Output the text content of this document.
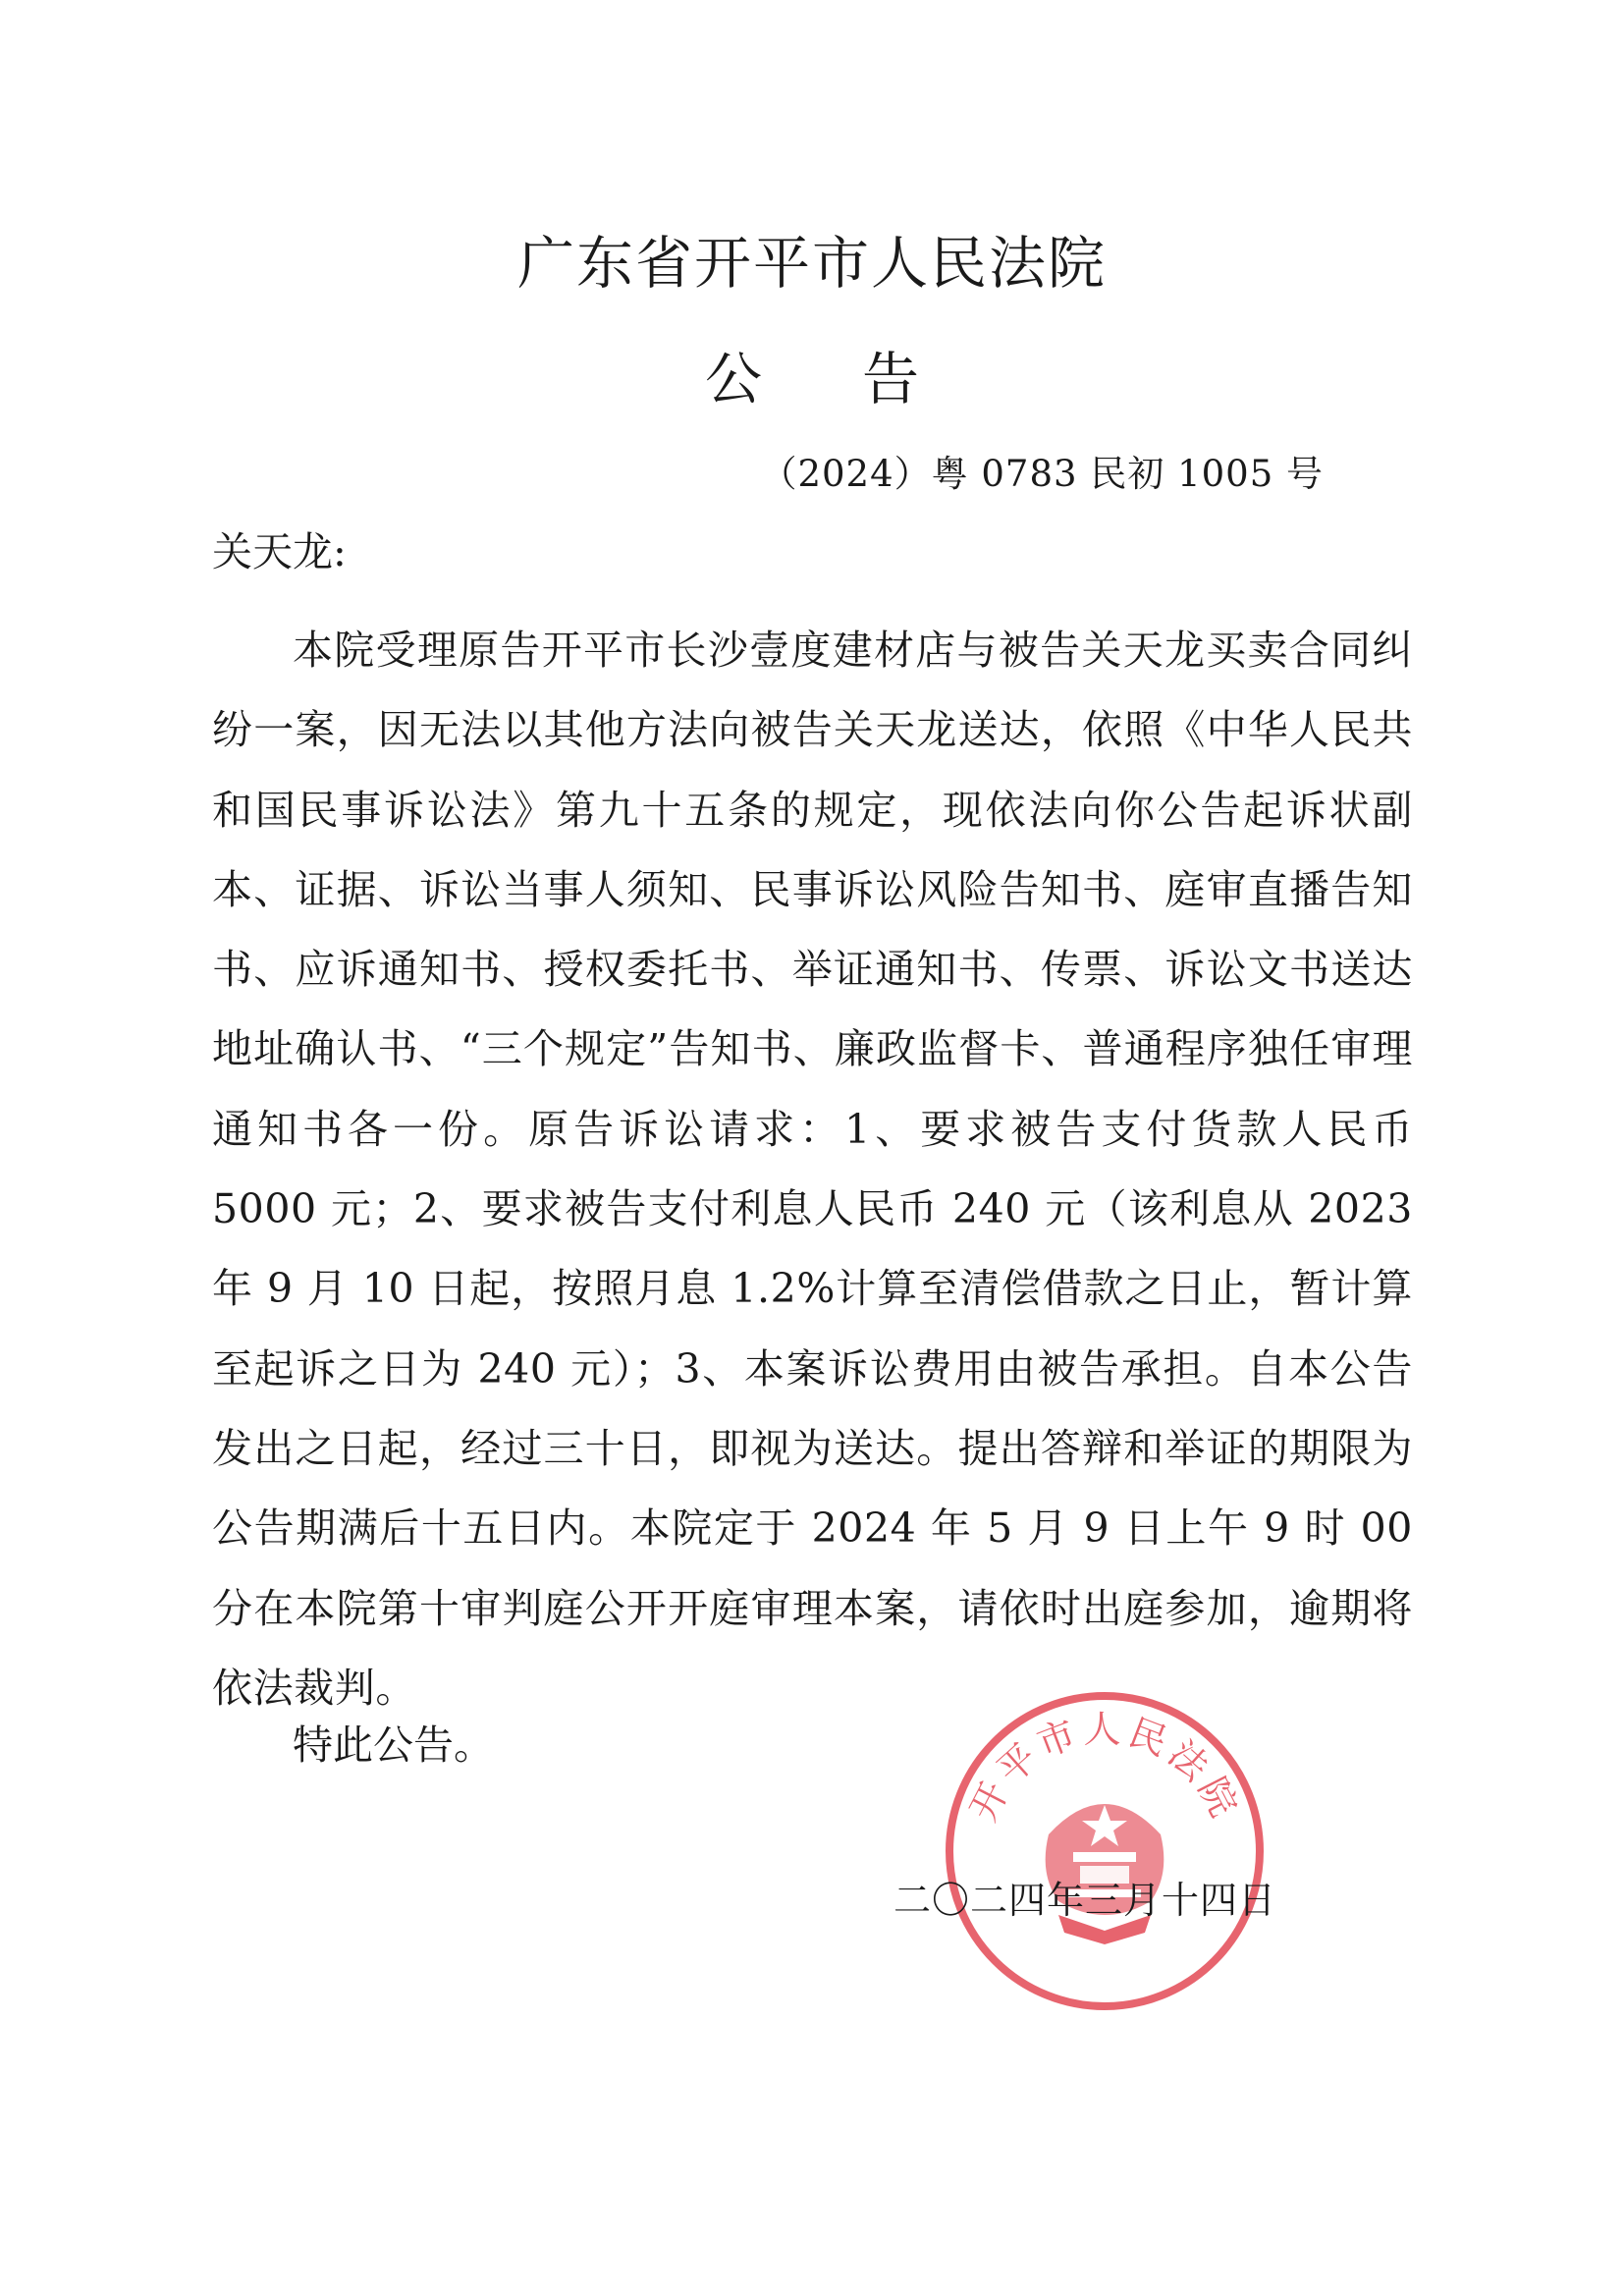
广东省开平市人民法院
公告
（2024）粤 0783 民初 1005 号
关天龙:

本院受理原告开平市长沙壹度建材店与被告关天龙买卖合同纠纷一案，因无法以其他方法向被告关天龙送达，依照《中华人民共和国民事诉讼法》第九十五条的规定，现依法向你公告起诉状副本、证据、诉讼当事人须知、民事诉讼风险告知书、庭审直播告知书、应诉通知书、授权委托书、举证通知书、传票、诉讼文书送达地址确认书、“三个规定”告知书、廉政监督卡、普通程序独任审理通知书各一份。原告诉讼请求：1、要求被告支付货款人民币 5000 元；2、要求被告支付利息人民币 240 元（该利息从 2023 年 9 月 10 日起，按照月息 1.2%计算至清偿借款之日止，暂计算至起诉之日为 240 元）；3、本案诉讼费用由被告承担。自本公告发出之日起，经过三十日，即视为送达。提出答辩和举证的期限为公告期满后十五日内。本院定于 2024 年 5 月 9 日上午 9 时 00 分在本院第十审判庭公开开庭审理本案，请依时出庭参加，逾期将依法裁判。

特此公告。
开平市人民法院
二〇二四年三月十四日
